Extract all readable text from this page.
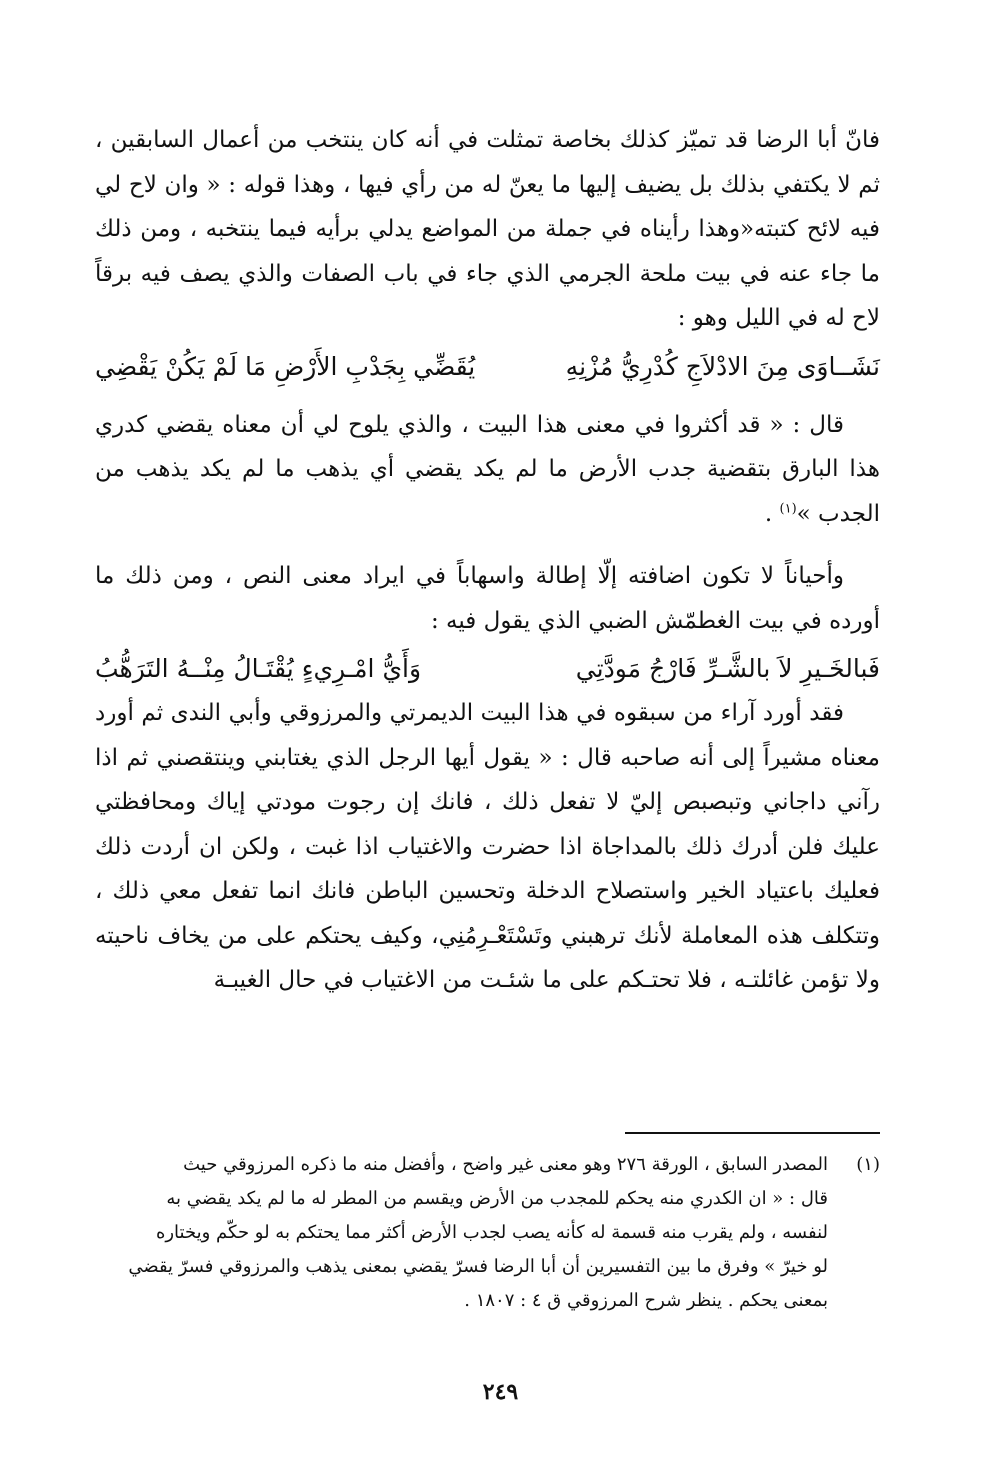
فانّ أبا الرضا قد تميّز كذلك بخاصة تمثلت في أنه كان ينتخب من أعمال السابقين ، ثم لا يكتفي بذلك بل يضيف إليها ما يعنّ له من رأي فيها ، وهذا قوله : « وان لاح لي فيه لائح كتبته«وهذا رأيناه في جملة من المواضع يدلي برأيه فيما ينتخبه ، ومن ذلك ما جاء عنه في بيت ملحة الجرمي الذي جاء في باب الصفات والذي يصف فيه برقاً لاح له في الليل وهو :

نَشَــاوَى مِنَ الادْلاَجِ كُدْرِيُّ مُزْنِهِ
يُقَضِّي بِجَدْبِ الأَرْضِ مَا لَمْ يَكُنْ يَقْضِي

قال : « قد أكثروا في معنى هذا البيت ، والذي يلوح لي أن معناه يقضي كدري هذا البارق بتقضية جدب الأرض ما لم يكد يقضي أي يذهب ما لم يكد يذهب من الجدب »$^{(١)}$ .

وأحياناً لا تكون اضافته إلّا إطالة واسهاباً في ايراد معنى النص ، ومن ذلك ما أورده في بيت الغطمّش الضبي الذي يقول فيه :

فَبالخَـيرِ لاَ بالشَّـرِّ فَارْجُ مَودَّتِي
وَأَيُّ امْـرِيءٍ يُقْتَـالُ مِنْــهُ التَرَهُّبُ

فقد أورد آراء من سبقوه في هذا البيت الديمرتي والمرزوقي وأبي الندى ثم أورد معناه مشيراً إلى أنه صاحبه قال : « يقول أيها الرجل الذي يغتابني وينتقصني ثم اذا رآني داجاني وتبصبص إليّ لا تفعل ذلك ، فانك إن رجوت مودتي إياك ومحافظتي عليك فلن أدرك ذلك بالمداجاة اذا حضرت والاغتياب اذا غبت ، ولكن ان أردت ذلك فعليك باعتياد الخير واستصلاح الدخلة وتحسين الباطن فانك انما تفعل معي ذلك ، وتتكلف هذه المعاملة لأنك ترهبني وتَسْتَعْـرِمُنِي، وكيف يحتكم على من يخاف ناحيته ولا تؤمن غائلتـه ، فلا تحتـكم على ما شئـت من الاغتياب في حال الغيبـة

(١)المصدر السابق ، الورقة ٢٧٦ وهو معنى غير واضح ، وأفضل منه ما ذكره المرزوقي حيث

قال : « ان الكدري منه يحكم للمجدب من الأرض ويقسم من المطر له ما لم يكد يقضي به

لنفسه ، ولم يقرب منه قسمة له كأنه يصب لجدب الأرض أكثر مما يحتكم به لو حكّم ويختاره

لو خيرّ » وفرق ما بين التفسيرين أن أبا الرضا فسرّ يقضي بمعنى يذهب والمرزوقي فسرّ يقضي

بمعنى يحكم . ينظر شرح المرزوقي ق ٤ : ١٨٠٧ .

٢٤٩
